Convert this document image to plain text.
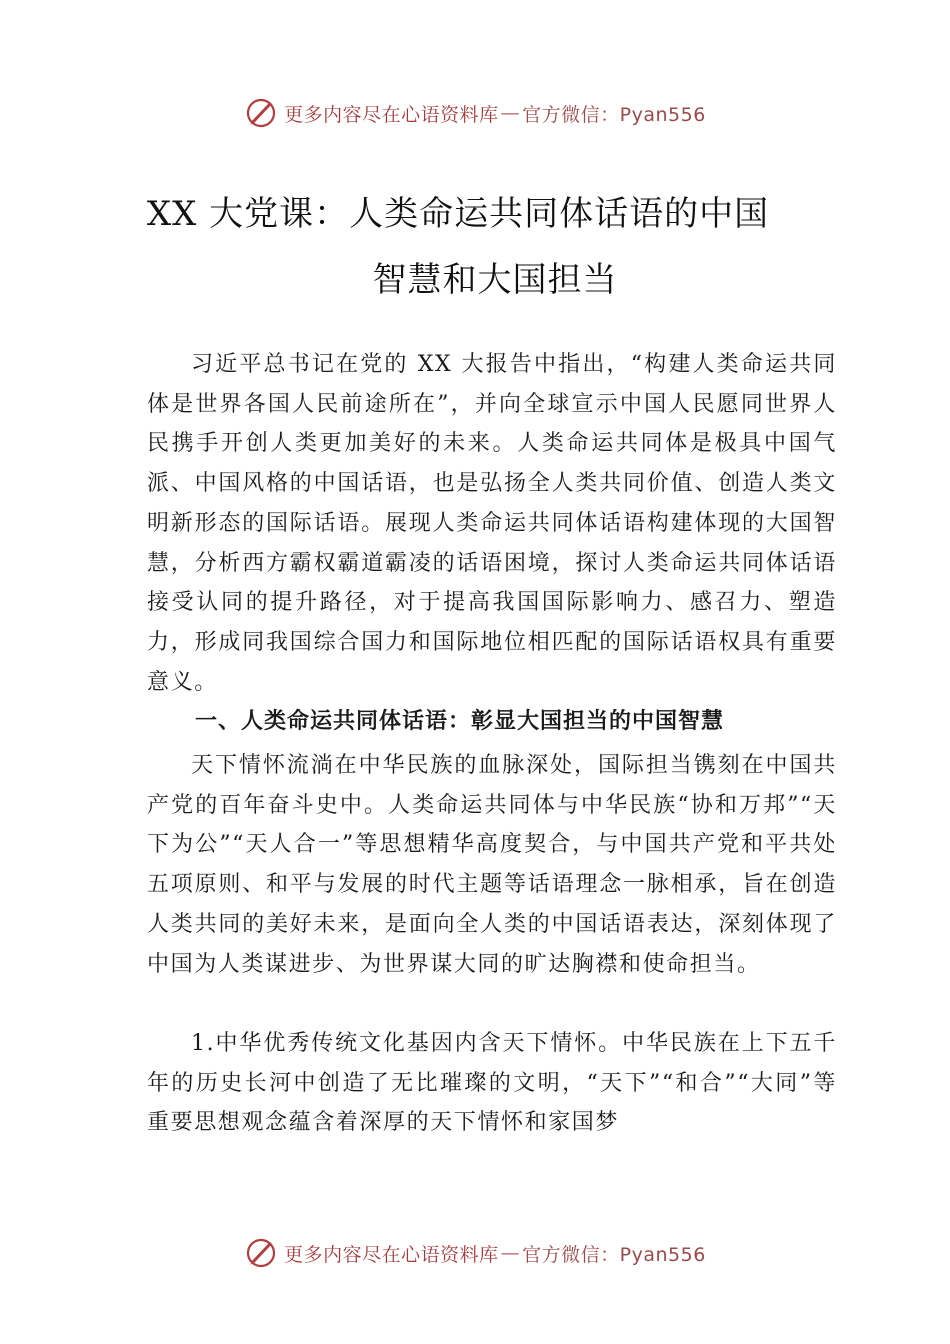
更多内容尽在心语资料库 — 官方微信：Pyan556
XX 大党课：人类命运共同体话语的中国
智慧和大国担当

习近平总书记在党的 XX 大报告中指出，“构建人类命运共同体是世界各国人民前途所在”，并向全球宣示中国人民愿同世界人民携手开创人类更加美好的未来。人类命运共同体是极具中国气派、中国风格的中国话语，也是弘扬全人类共同价值、创造人类文明新形态的国际话语。展现人类命运共同体话语构建体现的大国智慧，分析西方霸权霸道霸凌的话语困境，探讨人类命运共同体话语接受认同的提升路径，对于提高我国国际影响力、感召力、塑造力，形成同我国综合国力和国际地位相匹配的国际话语权具有重要意义。

一、人类命运共同体话语：彰显大国担当的中国智慧

天下情怀流淌在中华民族的血脉深处，国际担当镌刻在中国共产党的百年奋斗史中。人类命运共同体与中华民族“协和万邦”“天下为公”“天人合一”等思想精华高度契合，与中国共产党和平共处五项原则、和平与发展的时代主题等话语理念一脉相承，旨在创造人类共同的美好未来，是面向全人类的中国话语表达，深刻体现了中国为人类谋进步、为世界谋大同的旷达胸襟和使命担当。

1.中华优秀传统文化基因内含天下情怀。中华民族在上下五千年的历史长河中创造了无比璀璨的文明，“天下”“和合”“大同”等重要思想观念蕴含着深厚的天下情怀和家国梦

更多内容尽在心语资料库 — 官方微信：Pyan556
